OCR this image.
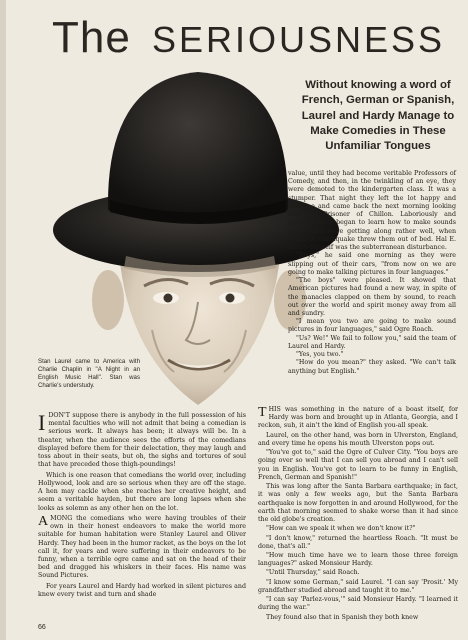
The SERIOUSNESS
Without knowing a word of French, German or Spanish, Laurel and Hardy Manage to Make Comedies in These Unfamiliar Tongues
Stan Laurel came to America with Charlie Chaplin in "A Night in an English Music Hall". Stan was Charlie's understudy.

value, until they had become veritable Professors of Comedy, and then, in the twinkling of an eye, they were demoted to the kindergarten class. It was a stumper. That night they left the lot happy and carefree and came back the next morning looking like the Prisoner of Chillon. Laboriously and patiently they began to learn how to make sounds again, and were getting along rather well, when again an earthquake threw them out of bed. Hal E. Roach himself was the subterranean disturbance.

"Boys," he said one morning as they were slipping out of their cars, "from now on we are going to make talking pictures in four languages."

"The boys" were pleased. It showed that American pictures had found a new way, in spite of the manacles clapped on them by sound, to reach out over the world and spirit money away from all and sundry.

"I mean you two are going to make sound pictures in four languages," said Ogre Roach.

"Us? We!" We fail to follow you," said the team of Laurel and Hardy.

"Yes, you two."

"How do you mean?" they asked. "We can't talk anything but English."

IDON'T suppose there is anybody in the full possession of his mental faculties who will not admit that being a comedian is serious work. It always has been; it always will be. In a theater, when the audience sees the efforts of the comedians displayed before them for their delectation, they may laugh and toss about in their seats, but oh, the sighs and tortures of soul that have preceded those thigh-poundings!

Which is one reason that comedians the world over, including Hollywood, look and are so serious when they are off the stage. A hen may cackle when she reaches her creative height, and seem a veritable hayden, but there are long lapses when she looks as solemn as any other hen on the lot.

AMONG the comedians who were having troubles of their own in their honest endeavors to make the world more suitable for human habitation were Stanley Laurel and Oliver Hardy. They had been in the humor racket, as the boys on the lot call it, for years and were suffering in their endeavors to be funny, when a terrible ogre came and sat on the head of their bed and dragged his whiskers in their faces. His name was Sound Pictures.

For years Laurel and Hardy had worked in silent pictures and knew every twist and turn and shade

THIS was something in the nature of a boast itself, for Hardy was born and brought up in Atlanta, Georgia, and I reckon, suh, it ain't the kind of English you-all speak.

Laurel, on the other hand, was born in Ulverston, England, and every time he opens his mouth Ulverston pops out.

"You've got to," said the Ogre of Culver City. "You boys are going over so well that I can sell you abroad and I can't sell you in English. You've got to learn to be funny in English, French, German and Spanish!"

This was long after the Santa Barbara earthquake; in fact, it was only a few weeks ago, but the Santa Barbara earthquake is now forgotten in and around Hollywood, for the earth that morning seemed to shake worse than it had since the old globe's creation.

"How can we speak it when we don't know it?"

"I don't know," returned the heartless Roach. "It must be done, that's all."

"How much time have we to learn those three foreign languages?" asked Monsieur Hardy.

"Until Thursday," said Roach.

"I know some German," said Laurel. "I can say 'Prosit.' My grandfather studied abroad and taught it to me."

"I can say 'Parlez-vous,'" said Monsieur Hardy. "I learned it during the war."

They found also that in Spanish they both knew

66
